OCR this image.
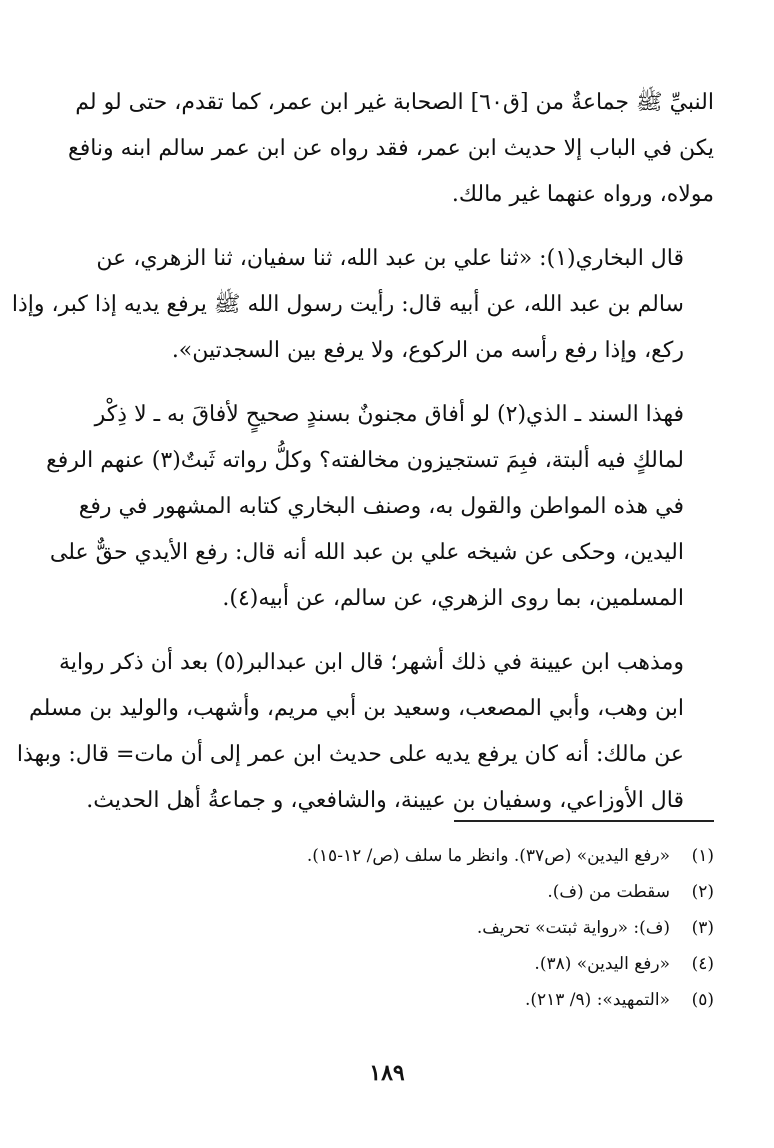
النبيِّ ﷺ جماعةٌ من [ق٦٠] الصحابة غير ابن عمر، كما تقدم، حتى لو لم
يكن في الباب إلا حديث ابن عمر، فقد رواه عن ابن عمر سالم ابنه ونافع
مولاه، ورواه عنهما غير مالك.
قال البخاري(١): «ثنا علي بن عبد الله، ثنا سفيان، ثنا الزهري، عن
سالم بن عبد الله، عن أبيه قال: رأيت رسول الله ﷺ يرفع يديه إذا كبر، وإذا
ركع، وإذا رفع رأسه من الركوع، ولا يرفع بين السجدتين».
فهذا السند ـ الذي(٢) لو أفاق مجنونٌ بسندٍ صحيحٍ لأفاقَ به ـ لا ذِكْر
لمالكٍ فيه ألبتة، فبِمَ تستجيزون مخالفته؟ وكلُّ رواته ثَبتٌ(٣) عنهم الرفع
في هذه المواطن والقول به، وصنف البخاري كتابه المشهور في رفع
اليدين، وحكى عن شيخه علي بن عبد الله أنه قال: رفع الأيدي حقٌّ على
المسلمين، بما روى الزهري، عن سالم، عن أبيه(٤).
ومذهب ابن عيينة في ذلك أشهر؛ قال ابن عبدالبر(٥) بعد أن ذكر رواية
ابن وهب، وأبي المصعب، وسعيد بن أبي مريم، وأشهب، والوليد بن مسلم
عن مالك: أنه كان يرفع يديه على حديث ابن عمر إلى أن مات= قال: وبهذا
قال الأوزاعي، وسفيان بن عيينة، والشافعي، و جماعةُ أهل الحديث.
(١)
«رفع اليدين» (ص٣٧). وانظر ما سلف (ص/ ١٢-١٥).
(٢)
سقطت من (ف).
(٣)
(ف): «رواية ثبتت» تحريف.
(٤)
«رفع اليدين» (٣٨).
(٥)
«التمهيد»: (٩/ ٢١٣).
١٨٩
